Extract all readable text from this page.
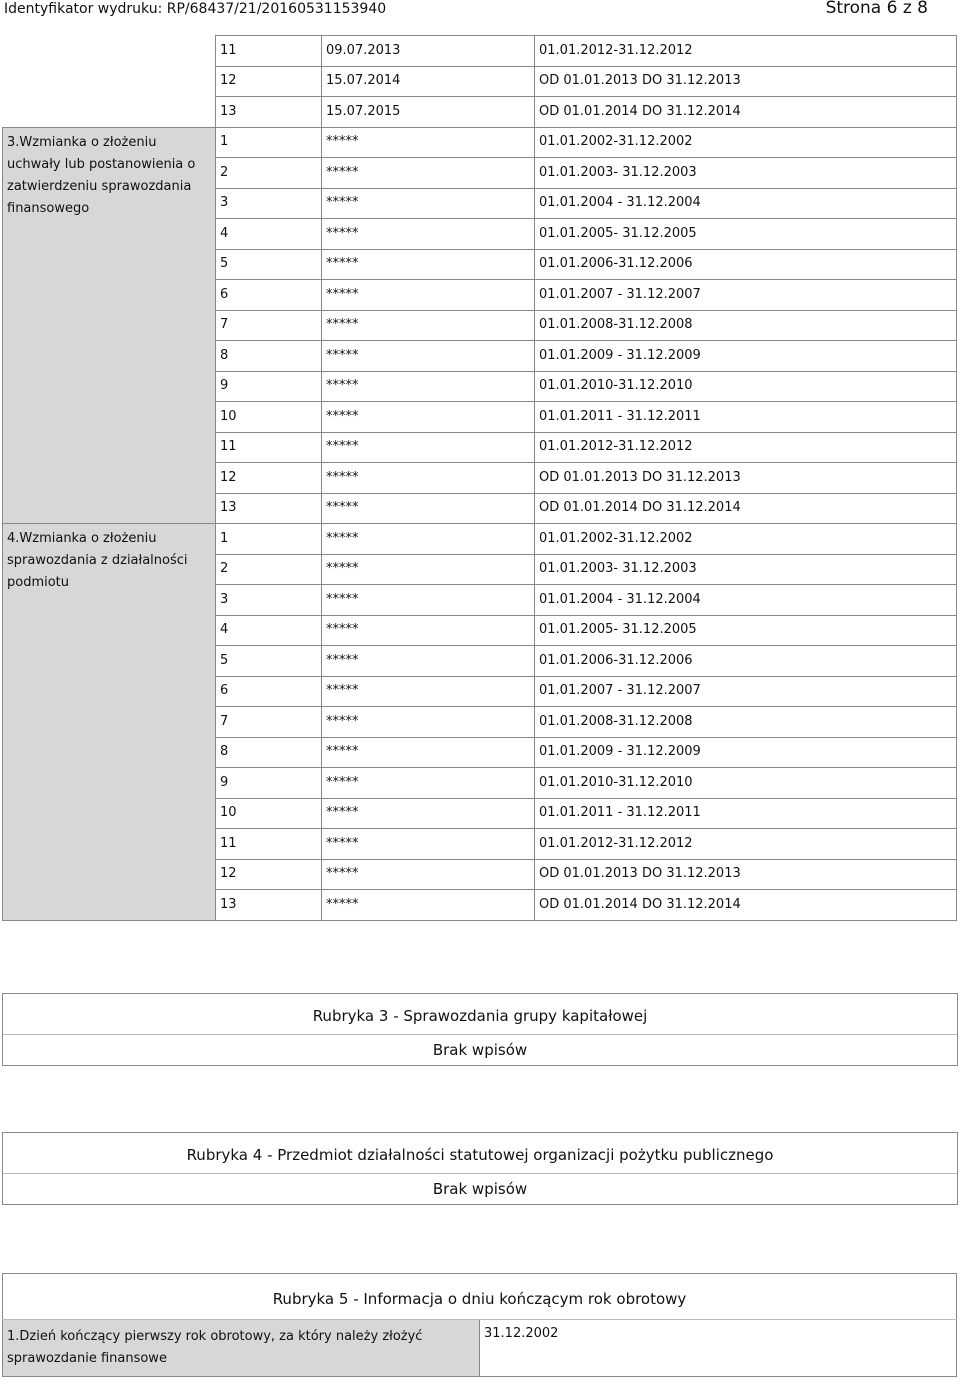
Identyfikator wydruku: RP/68437/21/20160531153940	Strona 6 z 8
	11	09.07.2013	01.01.2012-31.12.2012
	12	15.07.2014	OD 01.01.2013 DO 31.12.2013
	13	15.07.2015	OD 01.01.2014 DO 31.12.2014
3.Wzmianka o złożeniu uchwały lub postanowienia o zatwierdzeniu sprawozdania finansowego	1	*****	01.01.2002-31.12.2002
	2	*****	01.01.2003- 31.12.2003
	3	*****	01.01.2004 - 31.12.2004
	4	*****	01.01.2005- 31.12.2005
	5	*****	01.01.2006-31.12.2006
	6	*****	01.01.2007 - 31.12.2007
	7	*****	01.01.2008-31.12.2008
	8	*****	01.01.2009 - 31.12.2009
	9	*****	01.01.2010-31.12.2010
	10	*****	01.01.2011 - 31.12.2011
	11	*****	01.01.2012-31.12.2012
	12	*****	OD 01.01.2013 DO 31.12.2013
	13	*****	OD 01.01.2014 DO 31.12.2014
4.Wzmianka o złożeniu sprawozdania z działalności podmiotu	1	*****	01.01.2002-31.12.2002
	2	*****	01.01.2003- 31.12.2003
	3	*****	01.01.2004 - 31.12.2004
	4	*****	01.01.2005- 31.12.2005
	5	*****	01.01.2006-31.12.2006
	6	*****	01.01.2007 - 31.12.2007
	7	*****	01.01.2008-31.12.2008
	8	*****	01.01.2009 - 31.12.2009
	9	*****	01.01.2010-31.12.2010
	10	*****	01.01.2011 - 31.12.2011
	11	*****	01.01.2012-31.12.2012
	12	*****	OD 01.01.2013 DO 31.12.2013
	13	*****	OD 01.01.2014 DO 31.12.2014
Rubryka 3 - Sprawozdania grupy kapitałowej
Brak wpisów
Rubryka 4 - Przedmiot działalności statutowej organizacji pożytku publicznego
Brak wpisów
Rubryka 5 - Informacja o dniu kończącym rok obrotowy
1.Dzień kończący pierwszy rok obrotowy, za który należy złożyć sprawozdanie finansowe	31.12.2002
